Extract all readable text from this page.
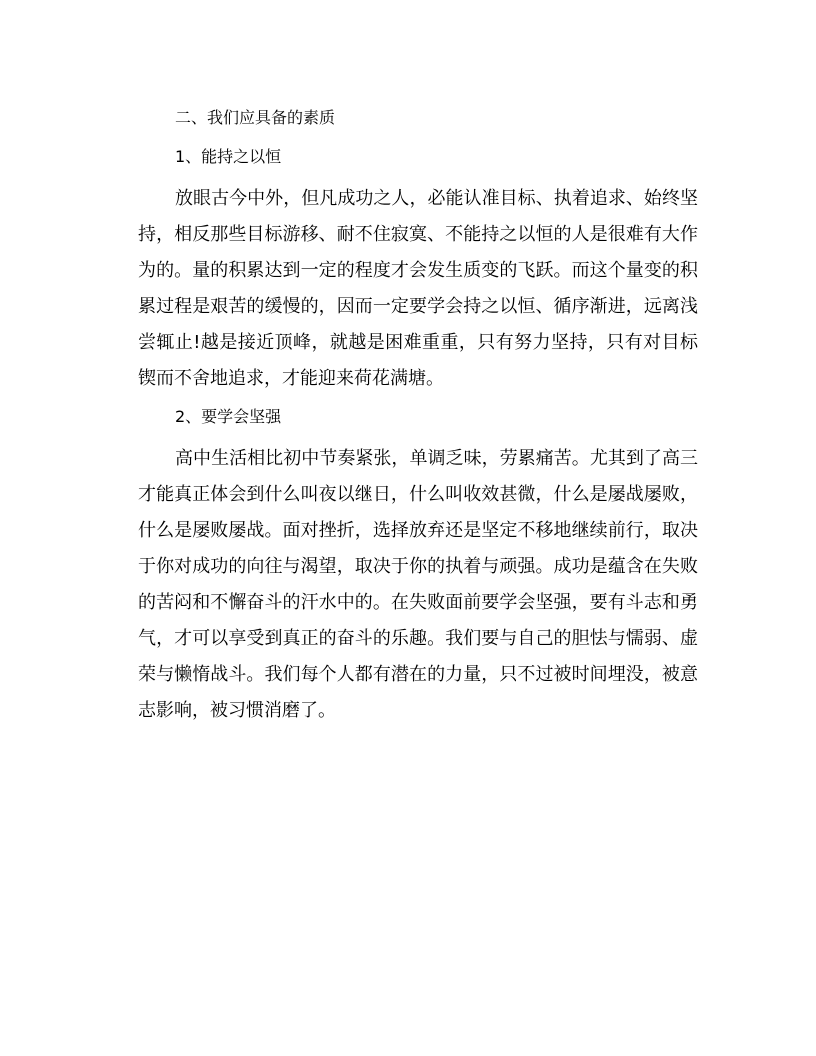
二、我们应具备的素质

1、能持之以恒

放眼古今中外，但凡成功之人，必能认准目标、执着追求、始终坚持，相反那些目标游移、耐不住寂寞、不能持之以恒的人是很难有大作为的。量的积累达到一定的程度才会发生质变的飞跃。而这个量变的积累过程是艰苦的缓慢的，因而一定要学会持之以恒、循序渐进，远离浅尝辄止!越是接近顶峰，就越是困难重重，只有努力坚持，只有对目标锲而不舍地追求，才能迎来荷花满塘。

2、要学会坚强

高中生活相比初中节奏紧张，单调乏味，劳累痛苦。尤其到了高三才能真正体会到什么叫夜以继日，什么叫收效甚微，什么是屡战屡败，什么是屡败屡战。面对挫折，选择放弃还是坚定不移地继续前行，取决于你对成功的向往与渴望，取决于你的执着与顽强。成功是蕴含在失败的苦闷和不懈奋斗的汗水中的。在失败面前要学会坚强，要有斗志和勇气，才可以享受到真正的奋斗的乐趣。我们要与自己的胆怯与懦弱、虚荣与懒惰战斗。我们每个人都有潜在的力量，只不过被时间埋没，被意志影响，被习惯消磨了。
